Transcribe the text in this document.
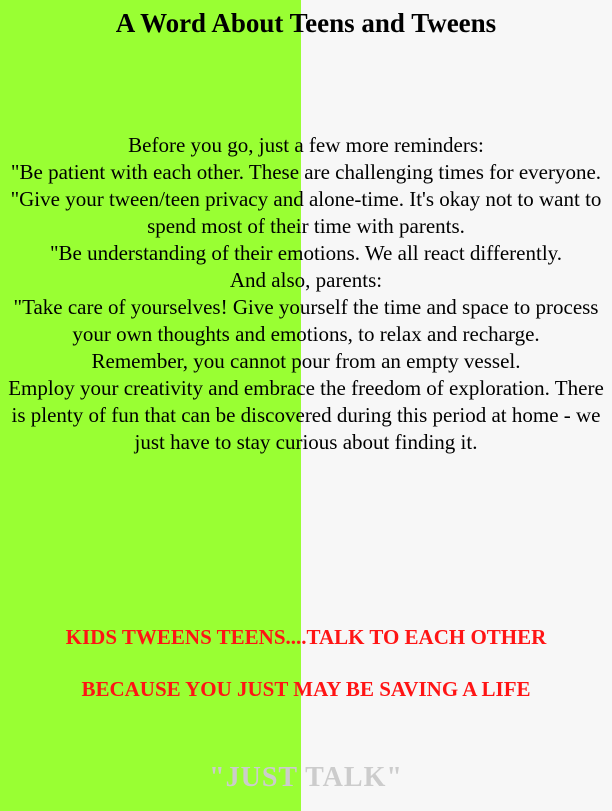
A Word About Teens and Tweens
Before you go, just a few more reminders:
"Be patient with each other. These are challenging times for everyone.
"Give your tween/teen privacy and alone-time. It's okay not to want to spend most of their time with parents.
"Be understanding of their emotions. We all react differently.
And also, parents:
"Take care of yourselves! Give yourself the time and space to process your own thoughts and emotions, to relax and recharge.
Remember, you cannot pour from an empty vessel.
Employ your creativity and embrace the freedom of exploration. There is plenty of fun that can be discovered during this period at home - we just have to stay curious about finding it.
KIDS TWEENS TEENS....TALK TO EACH OTHER
BECAUSE YOU JUST MAY BE SAVING A LIFE
"JUST TALK"
